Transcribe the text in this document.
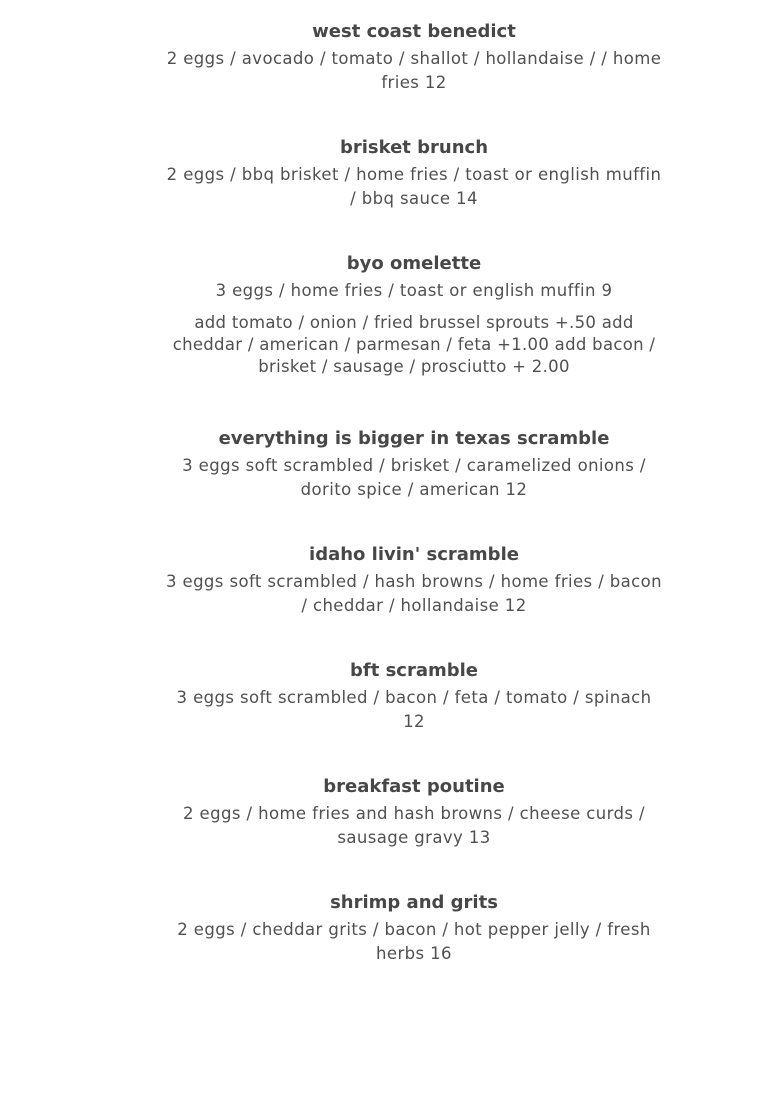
west coast benedict
2 eggs / avocado / tomato / shallot / hollandaise / / home fries 12
brisket brunch
2 eggs / bbq brisket / home fries / toast or english muffin / bbq sauce 14
byo omelette
3 eggs / home fries / toast or english muffin 9
add tomato / onion / fried brussel sprouts +.50 add cheddar / american / parmesan / feta +1.00 add bacon / brisket / sausage / prosciutto + 2.00
everything is bigger in texas scramble
3 eggs soft scrambled / brisket / caramelized onions / dorito spice / american 12
idaho livin' scramble
3 eggs soft scrambled / hash browns / home fries / bacon / cheddar / hollandaise 12
bft scramble
3 eggs soft scrambled / bacon / feta / tomato / spinach 12
breakfast poutine
2 eggs / home fries and hash browns / cheese curds / sausage gravy 13
shrimp and grits
2 eggs / cheddar grits / bacon / hot pepper jelly / fresh herbs 16
